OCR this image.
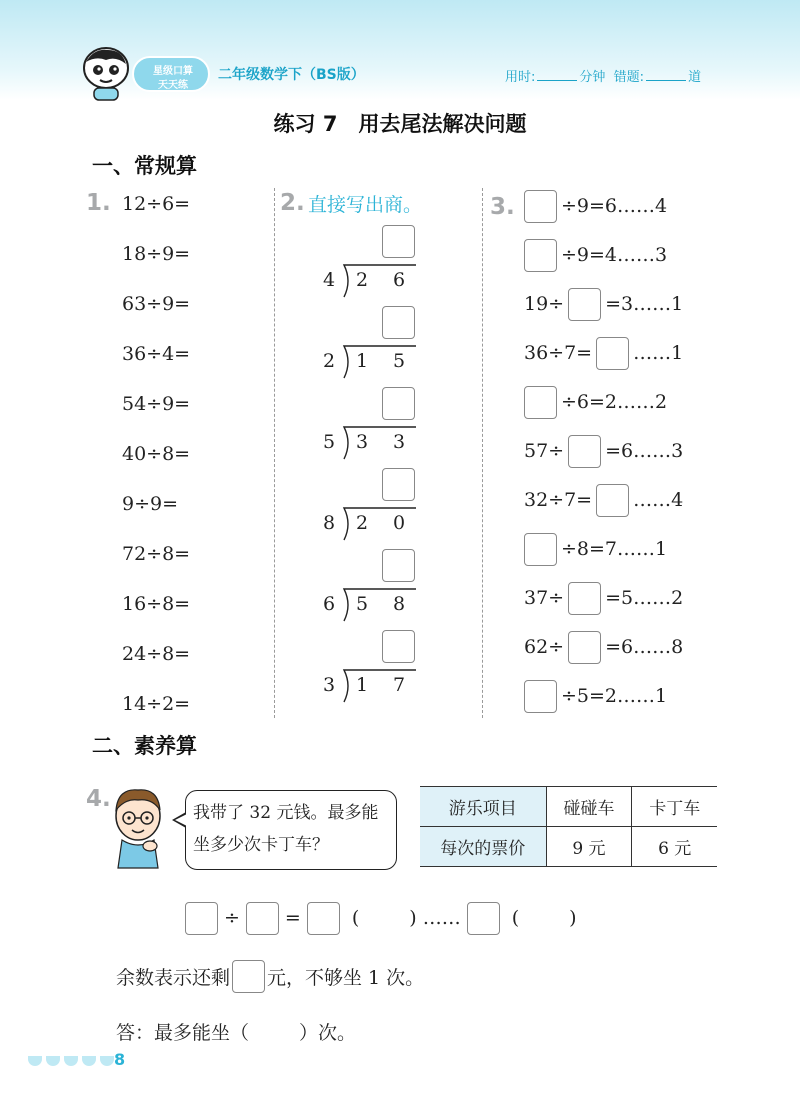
星级口算
天天练
二年级数学下（BS版）	用时:	分钟 错题:	道
练习 7　用去尾法解决问题
一、常规算
1. 12÷6=
18÷9=
63÷9=
36÷4=
54÷9=
40÷8=
9÷9=
72÷8=
16÷8=
24÷8=
14÷2=
2. 直接写出商。
4 2 6
2 1 5
5 3 3
8 2 0
6 5 8
3 1 7
3. ÷9=6……4
÷9=4……3
19÷ =3……1
36÷7= ……1
÷6=2……2
57÷ =6……3
32÷7= ……4
÷8=7……1
37÷ =5……2
62÷ =6……8
÷5=2……1
二、素养算
4.
我带了 32 元钱。最多能坐多少次卡丁车？
游乐项目	碰碰车	卡丁车
每次的票价	9 元	6 元
÷ =	(	) ……	(	)
余数表示还剩 元，不够坐 1 次。
答：最多能坐（	）次。
8
